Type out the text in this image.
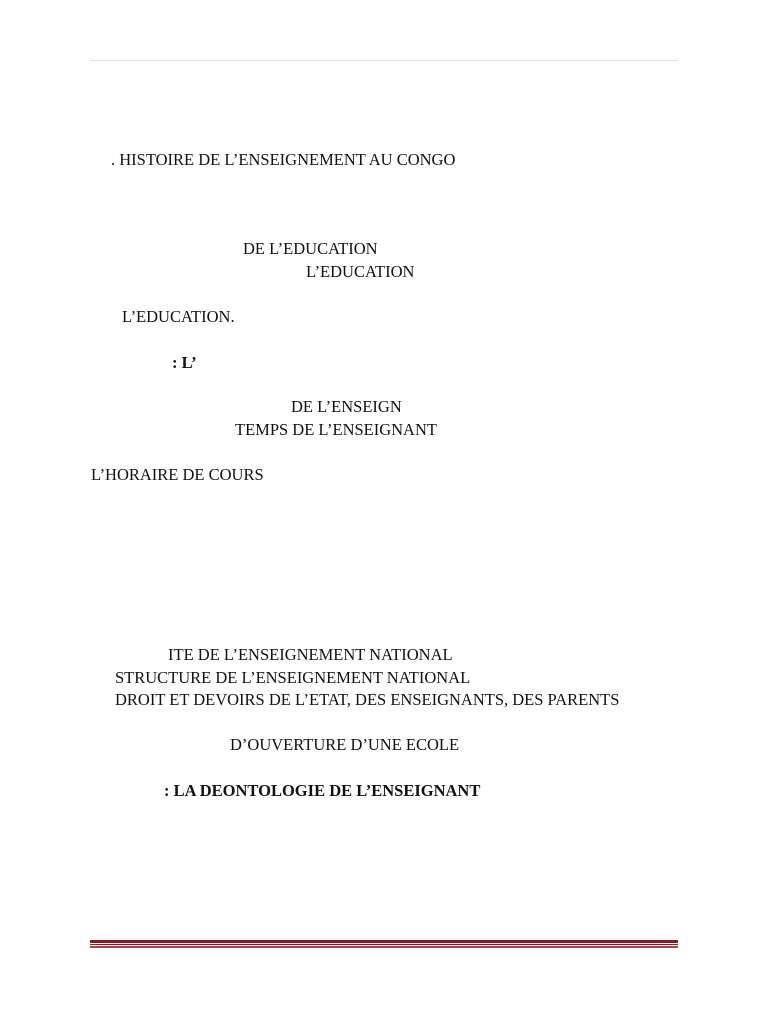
. HISTOIRE DE L’ENSEIGNEMENT AU CONGO
DE L’EDUCATION
L’EDUCATION
L’EDUCATION.
: L’
DE L’ENSEIGN
TEMPS DE L’ENSEIGNANT
L’HORAIRE DE COURS
ITE DE L’ENSEIGNEMENT NATIONAL
STRUCTURE DE L’ENSEIGNEMENT NATIONAL
DROIT ET DEVOIRS DE L’ETAT, DES ENSEIGNANTS, DES PARENTS
D’OUVERTURE D’UNE ECOLE
: LA DEONTOLOGIE DE L’ENSEIGNANT
